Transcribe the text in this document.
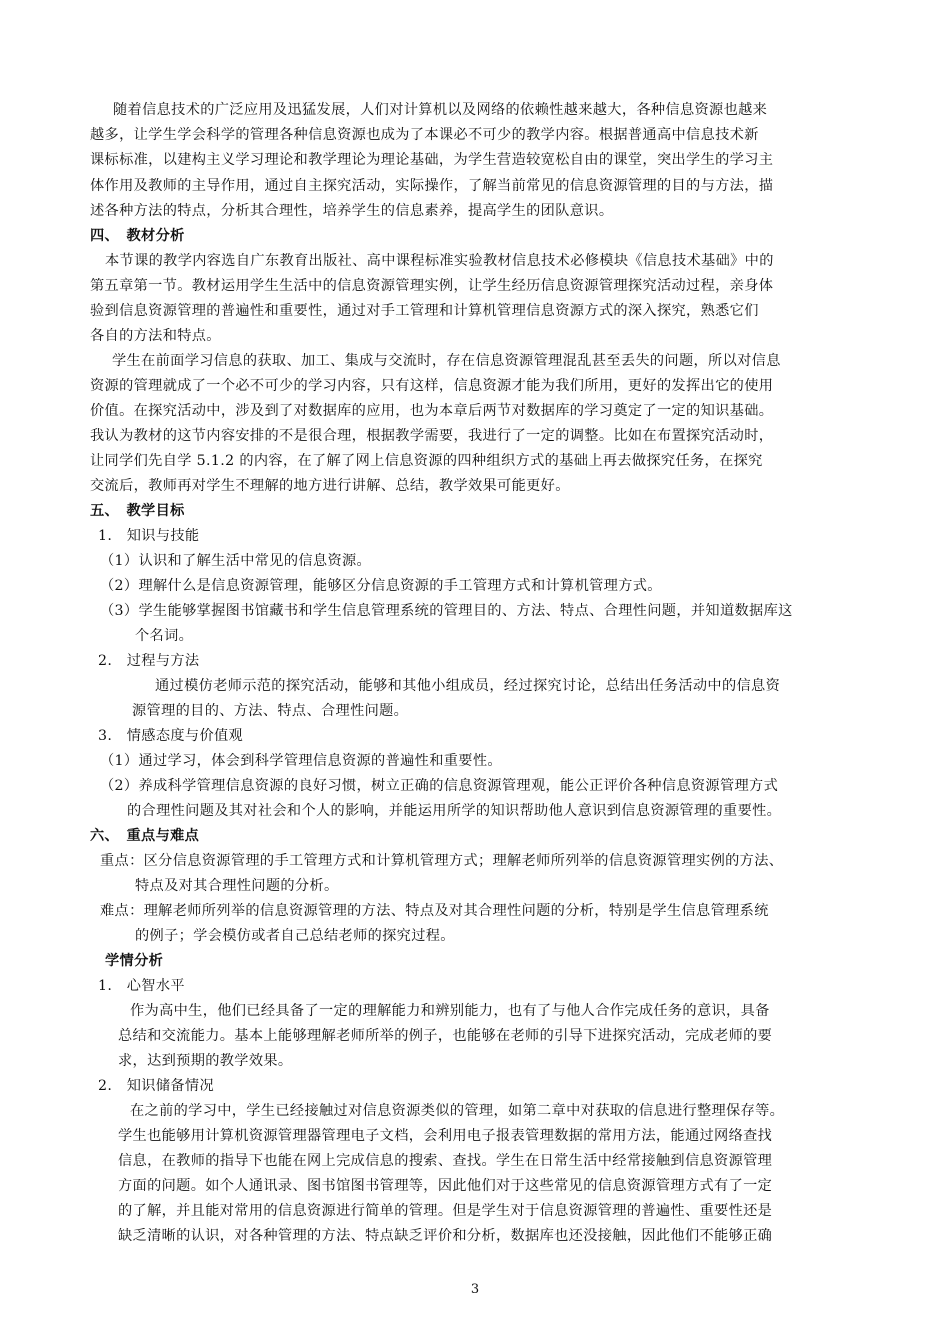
随着信息技术的广泛应用及迅猛发展，人们对计算机以及网络的依赖性越来越大，各种信息资源也越来
越多，让学生学会科学的管理各种信息资源也成为了本课必不可少的教学内容。根据普通高中信息技术新
课标标准，以建构主义学习理论和教学理论为理论基础，为学生营造较宽松自由的课堂，突出学生的学习主
体作用及教师的主导作用，通过自主探究活动，实际操作，了解当前常见的信息资源管理的目的与方法，描
述各种方法的特点，分析其合理性，培养学生的信息素养，提高学生的团队意识。
四、　教材分析
本节课的教学内容选自广东教育出版社、高中课程标准实验教材信息技术必修模块《信息技术基础》中的
第五章第一节。教材运用学生生活中的信息资源管理实例，让学生经历信息资源管理探究活动过程，亲身体
验到信息资源管理的普遍性和重要性，通过对手工管理和计算机管理信息资源方式的深入探究，熟悉它们
各自的方法和特点。
学生在前面学习信息的获取、加工、集成与交流时，存在信息资源管理混乱甚至丢失的问题，所以对信息
资源的管理就成了一个必不可少的学习内容，只有这样，信息资源才能为我们所用，更好的发挥出它的使用
价值。在探究活动中，涉及到了对数据库的应用，也为本章后两节对数据库的学习奠定了一定的知识基础。
我认为教材的这节内容安排的不是很合理，根据教学需要，我进行了一定的调整。比如在布置探究活动时，
让同学们先自学 5.1.2 的内容，在了解了网上信息资源的四种组织方式的基础上再去做探究任务，在探究
交流后，教师再对学生不理解的地方进行讲解、总结，教学效果可能更好。
五、　教学目标
1.　知识与技能
（1）认识和了解生活中常见的信息资源。
（2）理解什么是信息资源管理，能够区分信息资源的手工管理方式和计算机管理方式。
（3）学生能够掌握图书馆藏书和学生信息管理系统的管理目的、方法、特点、合理性问题，并知道数据库这
个名词。
2.　过程与方法
通过模仿老师示范的探究活动，能够和其他小组成员，经过探究讨论，总结出任务活动中的信息资
源管理的目的、方法、特点、合理性问题。
3.　情感态度与价值观
（1）通过学习，体会到科学管理信息资源的普遍性和重要性。
（2）养成科学管理信息资源的良好习惯，树立正确的信息资源管理观，能公正评价各种信息资源管理方式
的合理性问题及其对社会和个人的影响，并能运用所学的知识帮助他人意识到信息资源管理的重要性。
六、　重点与难点
重点：区分信息资源管理的手工管理方式和计算机管理方式；理解老师所列举的信息资源管理实例的方法、
特点及对其合理性问题的分析。
难点：理解老师所列举的信息资源管理的方法、特点及对其合理性问题的分析，特别是学生信息管理系统
的例子；学会模仿或者自己总结老师的探究过程。
学情分析
1.　心智水平
作为高中生，他们已经具备了一定的理解能力和辨别能力，也有了与他人合作完成任务的意识，具备
总结和交流能力。基本上能够理解老师所举的例子，也能够在老师的引导下进探究活动，完成老师的要
求，达到预期的教学效果。
2.　知识储备情况
在之前的学习中，学生已经接触过对信息资源类似的管理，如第二章中对获取的信息进行整理保存等。
学生也能够用计算机资源管理器管理电子文档，会利用电子报表管理数据的常用方法，能通过网络查找
信息，在教师的指导下也能在网上完成信息的搜索、查找。学生在日常生活中经常接触到信息资源管理
方面的问题。如个人通讯录、图书馆图书管理等，因此他们对于这些常见的信息资源管理方式有了一定
的了解，并且能对常用的信息资源进行简单的管理。但是学生对于信息资源管理的普遍性、重要性还是
缺乏清晰的认识，对各种管理的方法、特点缺乏评价和分析，数据库也还没接触，因此他们不能够正确
3
